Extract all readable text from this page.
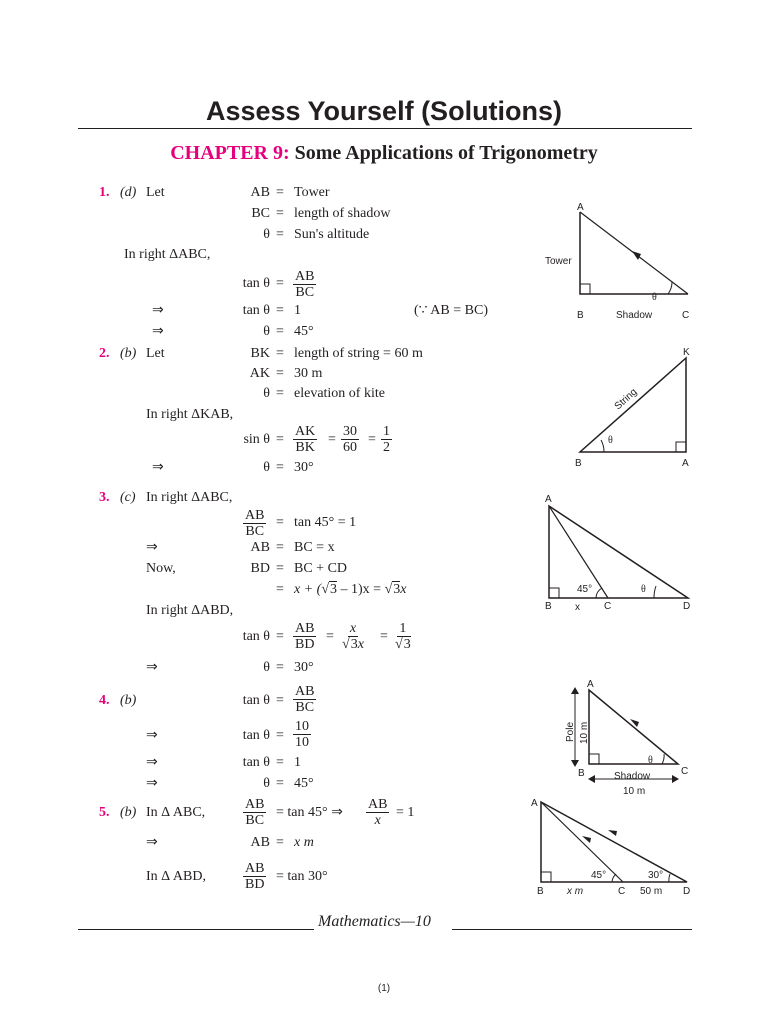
Assess Yourself (Solutions)
CHAPTER 9: Some Applications of Trigonometry
1. (d) Let	AB = Tower
BC = length of shadow
θ = Sun's altitude
In right ΔABC,
$\tan \theta = \frac{AB}{BC}$
⇒	tan θ = 1	(∵ AB = BC)
⇒	θ = 45°
A
Tower
B	Shadow	C
θ
2. (b) Let	BK = length of string = 60 m
AK = 30 m
θ = elevation of kite
In right ΔKAB,
$\sin \theta = \frac{AK}{BK} = \frac{30}{60} = \frac{1}{2}$
⇒	θ = 30°
K
B	A
θ
String
3. (c) In right ΔABC,
$\frac{AB}{BC} = \tan 45^\circ = 1$
⇒	AB = BC = x
Now,	BD = BC + CD
= x + (√3 – 1)x = √3x
In right ΔABD,
$\tan \theta = \frac{AB}{BD} = \frac{x}{√3x} = \frac{1}{√3}$
⇒	θ = 30°
A
B x C	D
45°	θ
4. (b)	$\tan \theta = \frac{AB}{BC}$
⇒	$\tan \theta = \frac{10}{10}$
⇒	tan θ = 1
⇒	θ = 45°
A
B	C
θ
Pole 10 m
Shadow
10 m
5. (b) In Δ ABC,	$\frac{AB}{BC} = \tan 45^\circ$ ⇒ $\frac{AB}{x} = 1$
⇒	AB = x m
In Δ ABD,	$\frac{AB}{BD} = \tan 30^\circ$
A
B x m	C 50 m D
45°	30°
Mathematics—10
(1)
